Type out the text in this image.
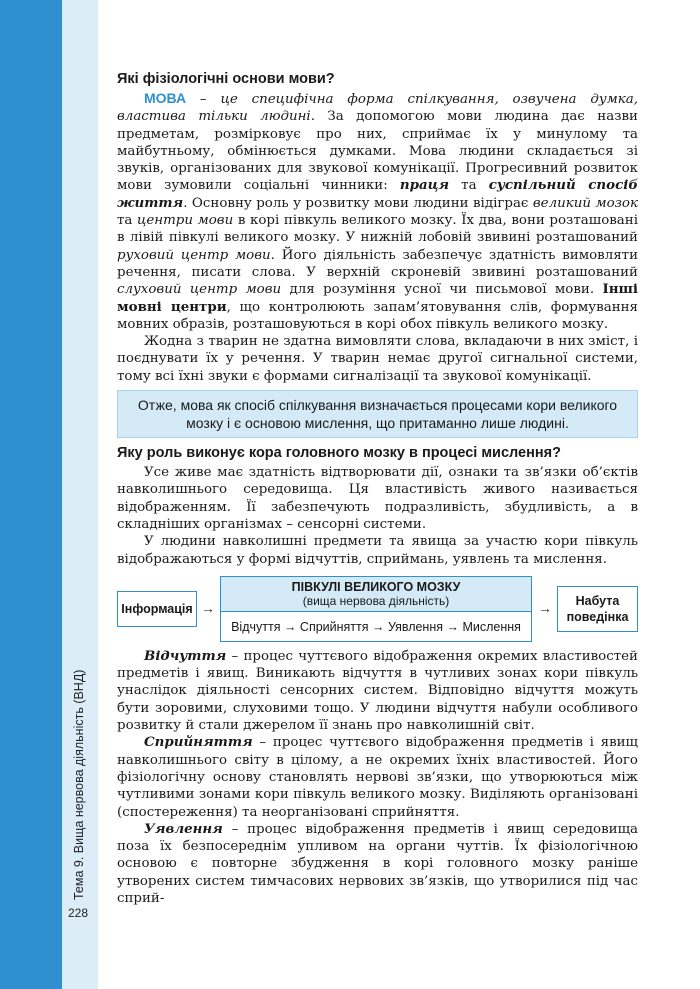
Тема 9. Вища нервова діяльність (ВНД)
228
Які фізіологічні основи мови?

МОВА – це специфічна форма спілкування, озвучена думка, властива тільки людині. За допомогою мови людина дає назви предметам, розмірковує про них, сприймає їх у минулому та майбутньому, обмінюється думками. Мова людини складається зі звуків, організованих для звукової комунікації. Прогресивний розвиток мови зумовили соціальні чинники: праця та суспільний спосіб життя. Основну роль у розвитку мови людини відіграє великий мозок та центри мови в корі півкуль великого мозку. Їх два, вони розташовані в лівій півкулі великого мозку. У нижній лобовій звивині розташований руховий центр мови. Його діяльність забезпечує здатність вимовляти речення, писати слова. У верхній скроневій звивині розташований слуховий центр мови для розуміння усної чи письмової мови. Інші мовні центри, що контролюють запам’ятовування слів, формування мовних образів, розташовуються в корі обох півкуль великого мозку.

Жодна з тварин не здатна вимовляти слова, вкладаючи в них зміст, і поєднувати їх у речення. У тварин немає другої сигнальної системи, тому всі їхні звуки є формами сигналізації та звукової комунікації.

Отже, мова як спосіб спілкування визначається процесами кори великого мозку і є основою мислення, що притаманно лише людині.
Яку роль виконує кора головного мозку в процесі мислення?

Усе живе має здатність відтворювати дії, ознаки та зв’язки об’єктів навколишнього середовища. Ця властивість живого називається відображенням. Її забезпечують подразливість, збудливість, а в складніших організмах – сенсорні системи.

У людини навколишні предмети та явища за участю кори півкуль відображаються у формі відчуттів, сприймань, уявлень та мислення.

Інформація →
ПІВКУЛІ ВЕЛИКОГО МОЗКУ
(вища нервова діяльність)
Відчуття → Сприйняття → Уявлення → Мислення
→	Набута
поведінка

Відчуття – процес чуттєвого відображення окремих властивостей предметів і явищ. Виникають відчуття в чутливих зонах кори півкуль унаслідок діяльності сенсорних систем. Відповідно відчуття можуть бути зоровими, слуховими тощо. У людини відчуття набули особливого розвитку й стали джерелом її знань про навколишній світ.

Сприйняття – процес чуттєвого відображення предметів і явищ навколишнього світу в цілому, а не окремих їхніх властивостей. Його фізіологічну основу становлять нервові зв’язки, що утворюються між чутливими зонами кори півкуль великого мозку. Виділяють організовані (спостереження) та неорганізовані сприйняття.

Уявлення – процес відображення предметів і явищ середовища поза їх безпосереднім упливом на органи чуттів. Їх фізіологічною основою є повторне збудження в корі головного мозку раніше утворених систем тимчасових нервових зв’язків, що утворилися під час сприй-
